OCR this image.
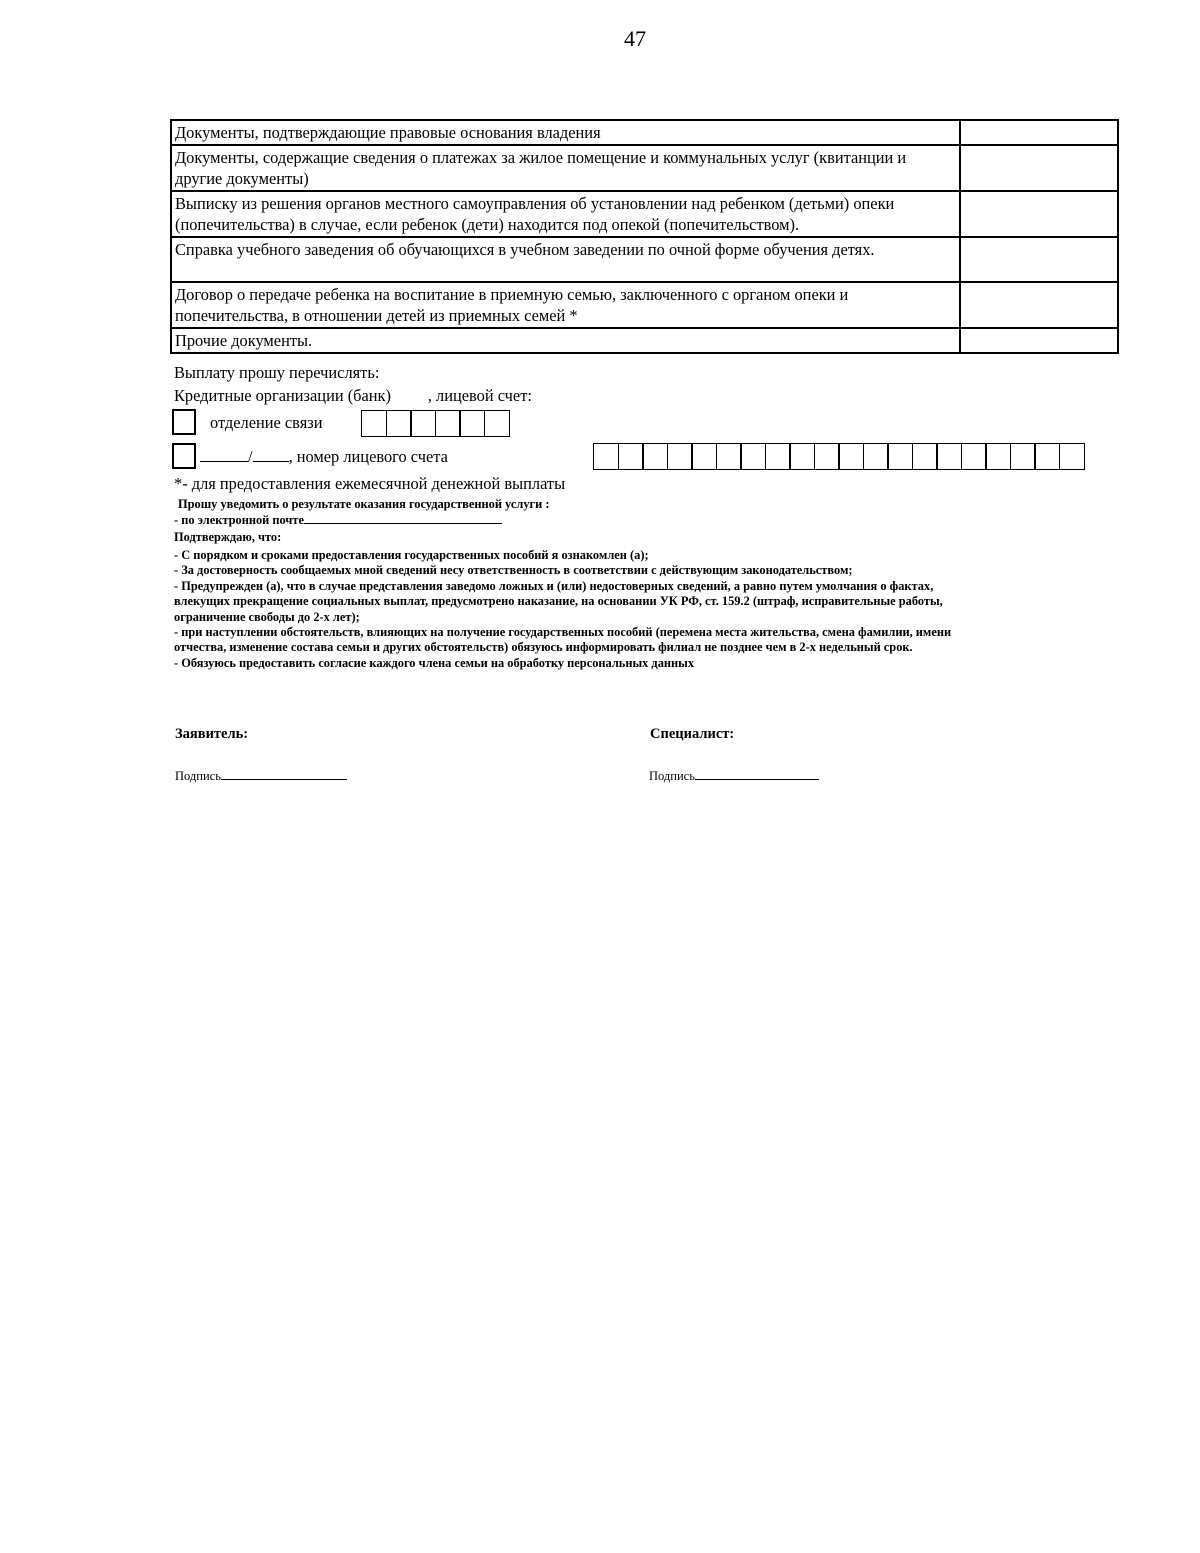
47
Документы, подтверждающие правовые основания владения	
Документы, содержащие сведения о платежах за жилое помещение и коммунальных услуг (квитанции и другие документы)	
Выписку из решения органов местного самоуправления об установлении над ребенком (детьми) опеки (попечительства) в случае, если ребенок (дети) находится под опекой (попечительством).	
Справка учебного заведения об обучающихся в учебном заведении по очной форме обучения детях.	
Договор о передаче ребенка на воспитание в приемную семью, заключенного с органом опеки и попечительства, в отношении детей из приемных семей *	
Прочие документы.	
Выплату прошу перечислять:
Кредитные организации (банк)         , лицевой счет:
отделение связи
/ , номер лицевого счета
*- для предоставления ежемесячной денежной выплаты
Прошу уведомить о результате оказания государственной услуги :
- по электронной почте
Подтверждаю, что:
- С порядком и сроками предоставления государственных пособий я ознакомлен (а);
- За достоверность сообщаемых мной сведений несу ответственность в соответствии с действующим законодательством;
- Предупрежден (а), что в случае представления заведомо ложных и (или) недостоверных сведений, а равно путем умолчания о фактах,
влекущих прекращение социальных выплат, предусмотрено наказание, на основании УК РФ, ст. 159.2 (штраф, исправительные работы,
ограничение свободы до 2-х лет);
- при наступлении обстоятельств, влияющих на получение государственных пособий (перемена места жительства, смена фамилии, имени
отчества, изменение состава семьи и других обстоятельств) обязуюсь информировать филиал не позднее чем в 2-х недельный срок.
- Обязуюсь предоставить согласие каждого члена семьи на обработку персональных данных
Заявитель:	Специалист:
Подпись	Подпись
